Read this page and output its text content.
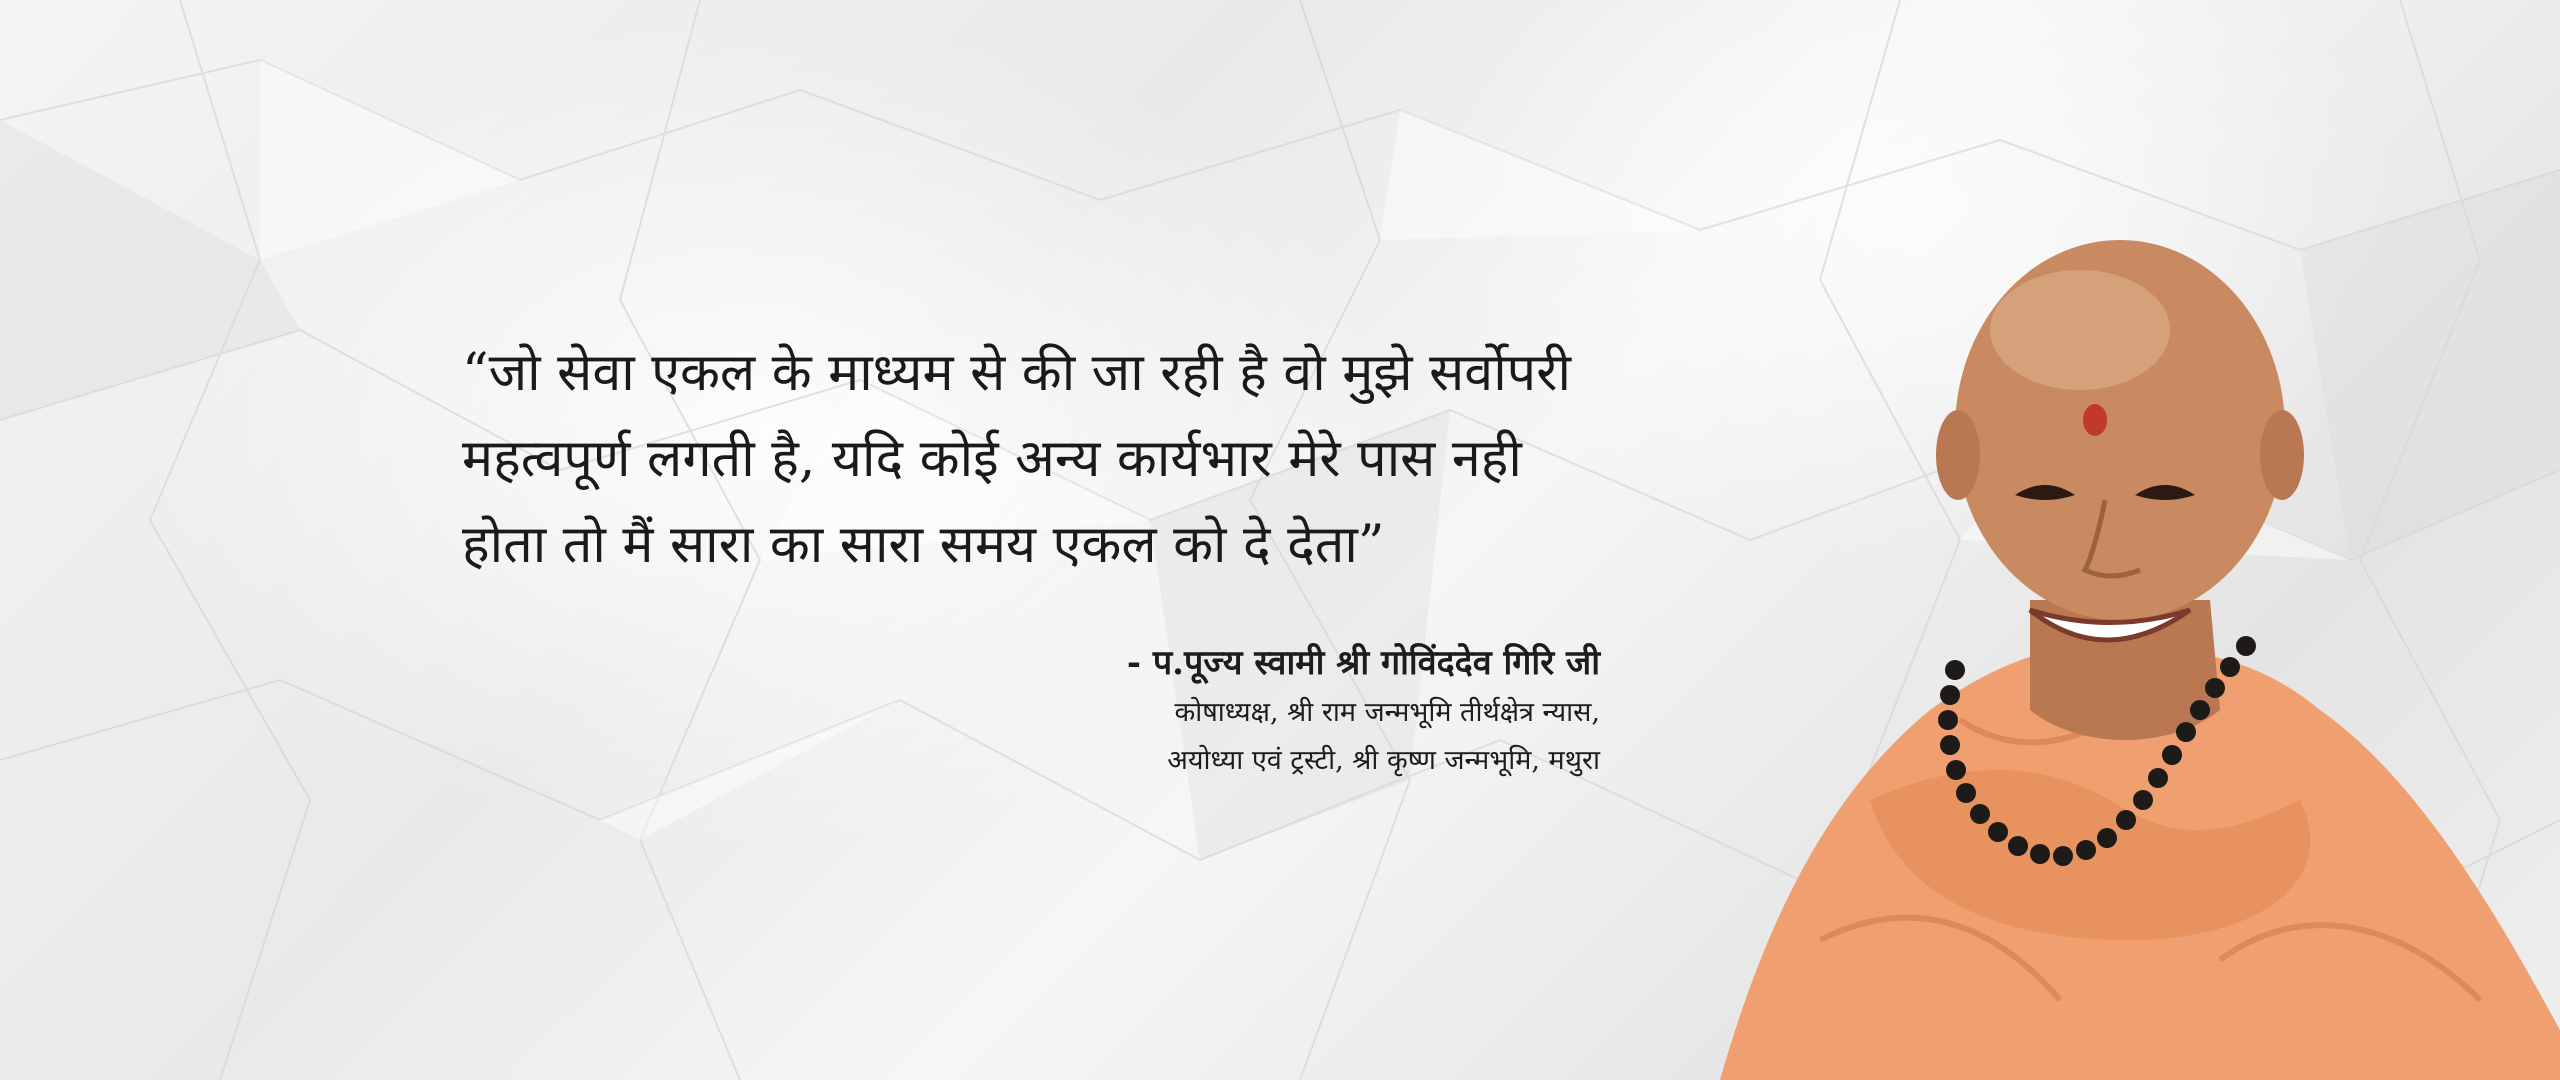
“जो सेवा एकल के माध्यम से की जा रही है वो मुझे सर्वोपरी
महत्वपूर्ण लगती है, यदि कोई अन्य कार्यभार मेरे पास नही
होता तो मैं सारा का सारा समय एकल को दे देता”

- प.पूज्य स्वामी श्री गोविंददेव गिरि जी
कोषाध्यक्ष, श्री राम जन्मभूमि तीर्थक्षेत्र न्यास,
अयोध्या एवं ट्रस्टी, श्री कृष्ण जन्मभूमि, मथुरा
